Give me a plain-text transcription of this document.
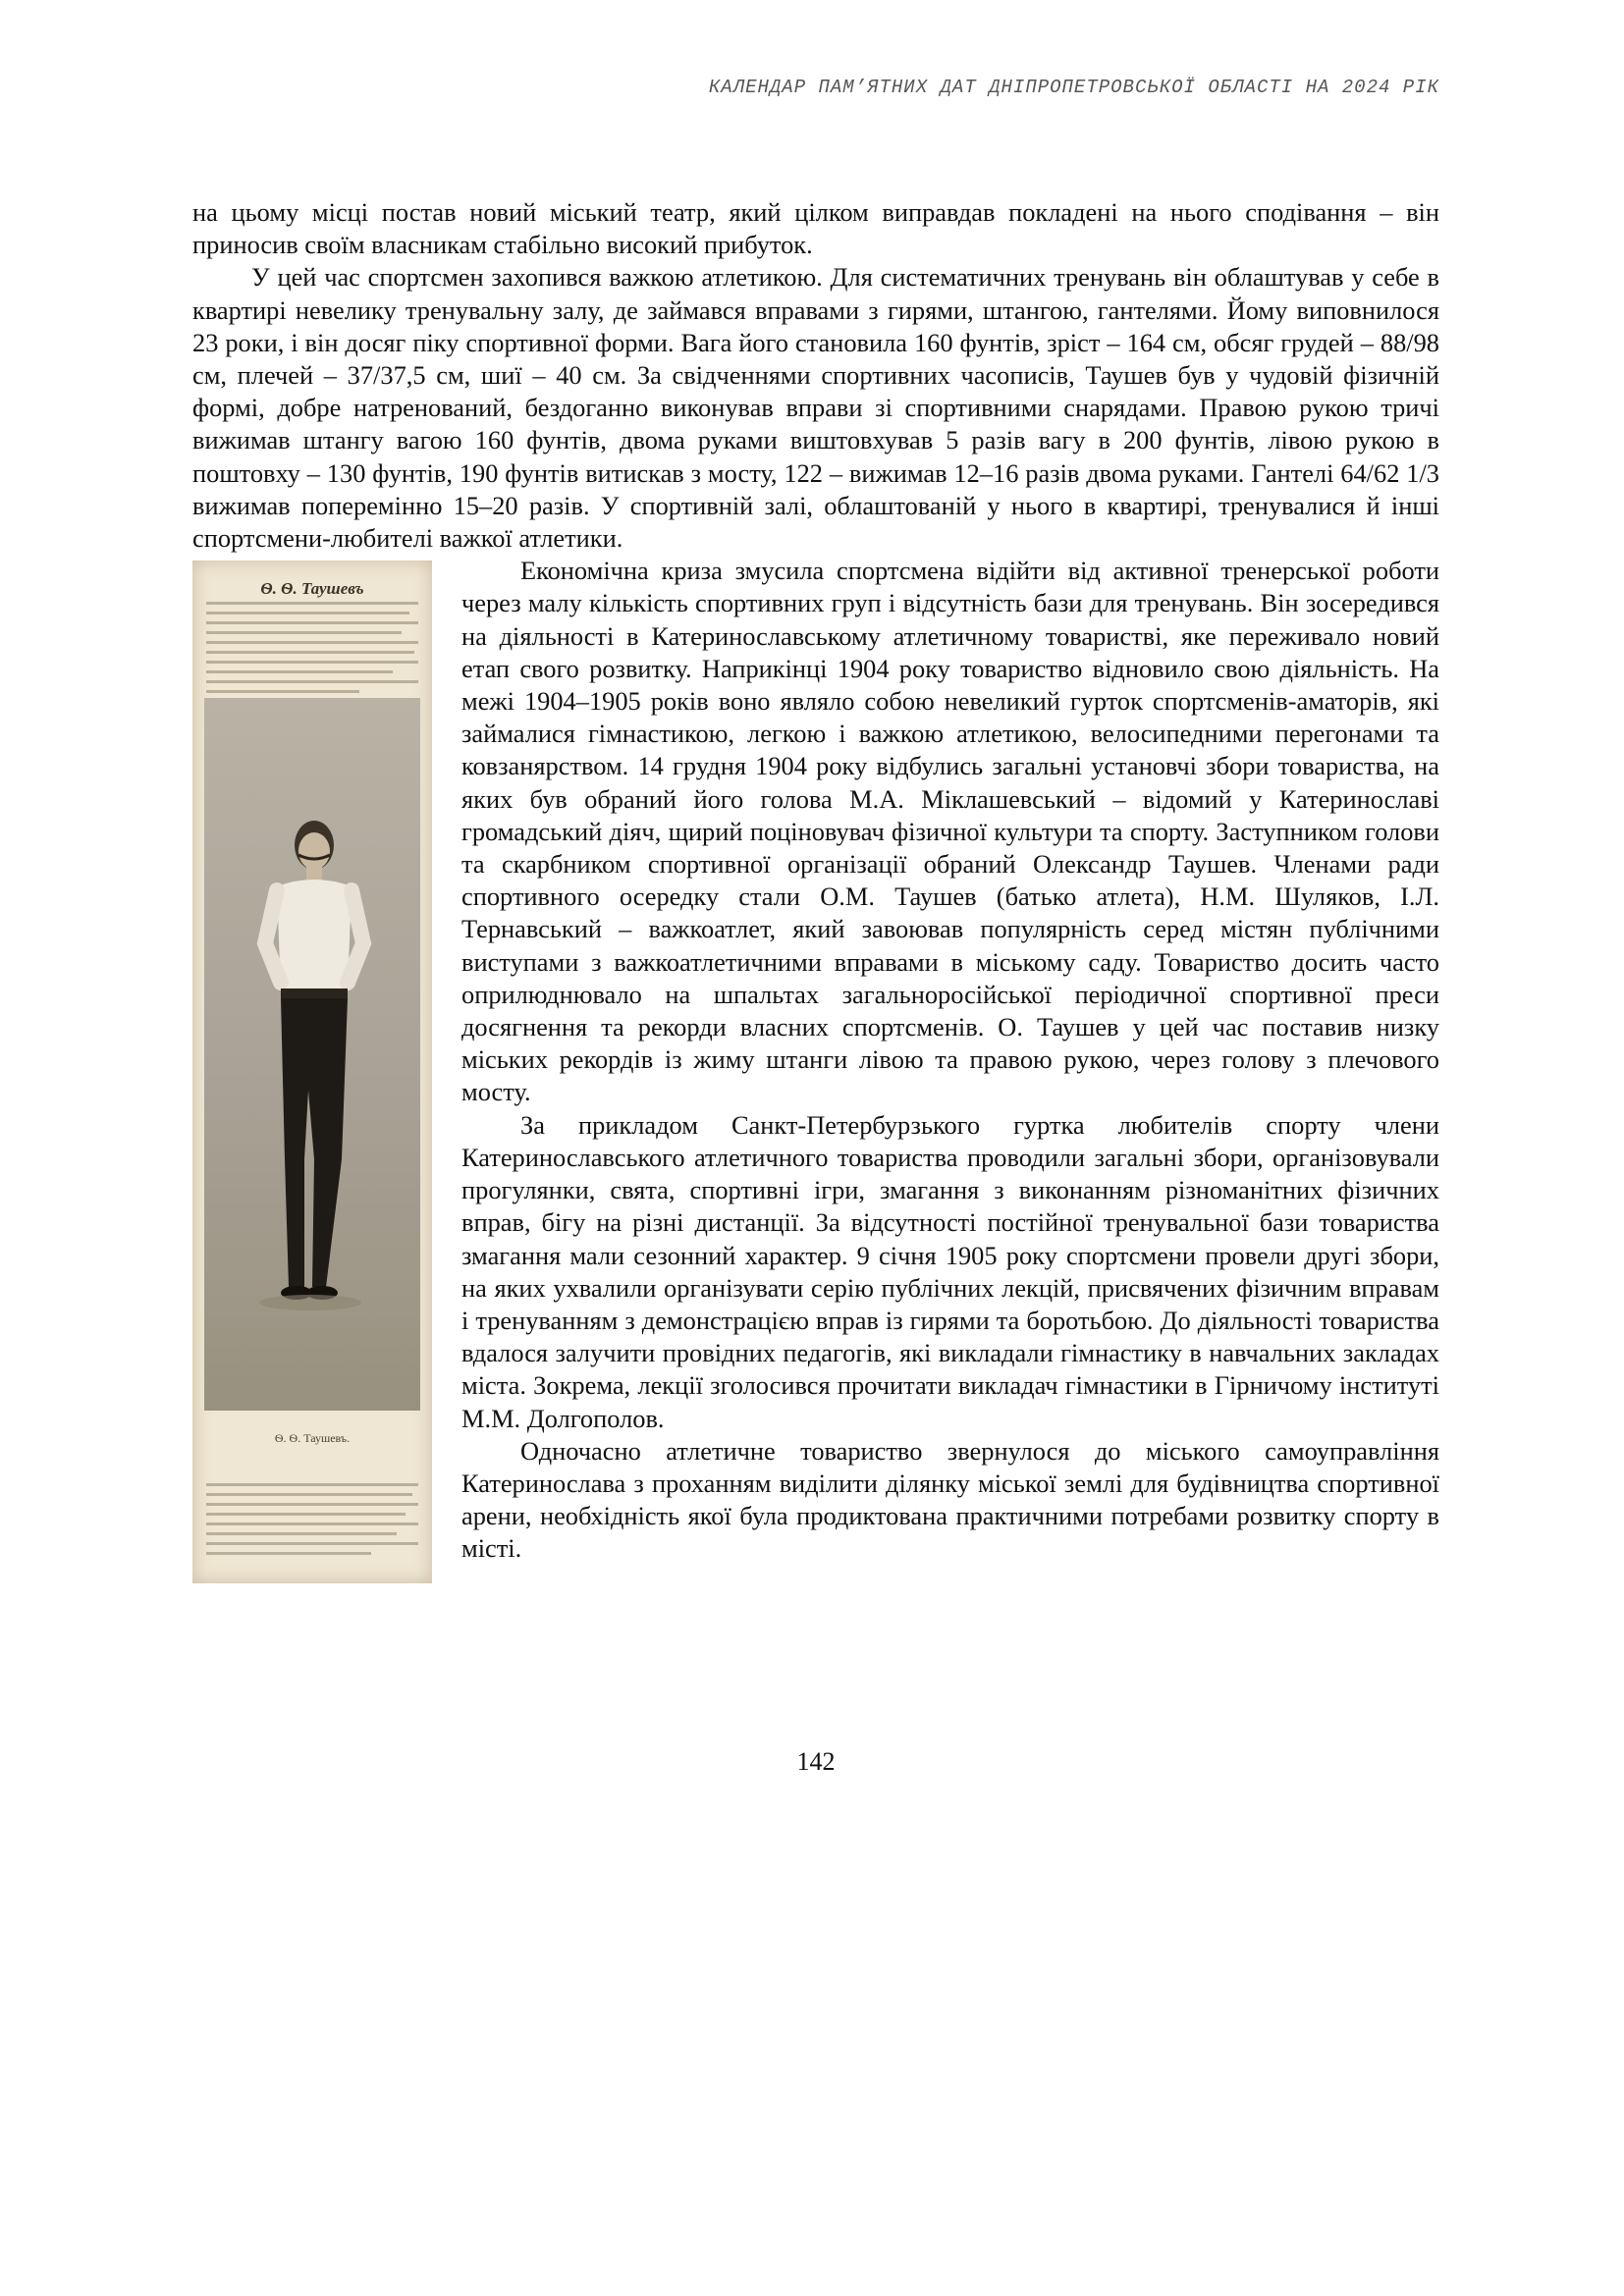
КАЛЕНДАР ПАМ’ЯТНИХ ДАТ ДНІПРОПЕТРОВСЬКОЇ ОБЛАСТІ НА 2024 РІК

на цьому місці постав новий міський театр, який цілком виправдав покладені на нього сподівання – він приносив своїм власникам стабільно високий прибуток.

У цей час спортсмен захопився важкою атлетикою. Для систематичних тренувань він облаштував у себе в квартирі невелику тренувальну залу, де займався вправами з гирями, штангою, гантелями. Йому виповнилося 23 роки, і він досяг піку спортивної форми. Вага його становила 160 фунтів, зріст – 164 см, обсяг грудей – 88/98 см, плечей – 37/37,5 см, шиї – 40 см. За свідченнями спортивних часописів, Таушев був у чудовій фізичній формі, добре натренований, бездоганно виконував вправи зі спортивними снарядами. Правою рукою тричі вижимав штангу вагою 160 фунтів, двома руками виштовхував 5 разів вагу в 200 фунтів, лівою рукою в поштовху – 130 фунтів, 190 фунтів витискав з мосту, 122 – вижимав 12–16 разів двома руками. Гантелі 64/62 1/3 вижимав поперемінно 15–20 разів. У спортивній залі, облаштованій у нього в квартирі, тренувалися й інші спортсмени-любителі важкої атлетики.

Ѳ. Ѳ. Таушевъ
Ѳ. Ѳ. Таушевъ.

Економічна криза змусила спортсмена відійти від активної тренерської роботи через малу кількість спортивних груп і відсутність бази для тренувань. Він зосередився на діяльності в Катеринославському атлетичному товаристві, яке переживало новий етап свого розвитку. Наприкінці 1904 року товариство відновило свою діяльність. На межі 1904–1905 років воно являло собою невеликий гурток спортсменів-аматорів, які займалися гімнастикою, легкою і важкою атлетикою, велосипедними перегонами та ковзанярством. 14 грудня 1904 року відбулись загальні установчі збори товариства, на яких був обраний його голова М.А. Міклашевський – відомий у Катеринославі громадський діяч, щирий поціновувач фізичної культури та спорту. Заступником голови та скарбником спортивної організації обраний Олександр Таушев. Членами ради спортивного осередку стали О.М. Таушев (батько атлета), Н.М. Шуляков, І.Л. Тернавський – важкоатлет, який завоював популярність серед містян публічними виступами з важкоатлетичними вправами в міському саду. Товариство досить часто оприлюднювало на шпальтах загальноросійської періодичної спортивної преси досягнення та рекорди власних спортсменів. О. Таушев у цей час поставив низку міських рекордів із жиму штанги лівою та правою рукою, через голову з плечового мосту.

За прикладом Санкт-Петербурзького гуртка любителів спорту члени Катеринославського атлетичного товариства проводили загальні збори, організовували прогулянки, свята, спортивні ігри, змагання з виконанням різноманітних фізичних вправ, бігу на різні дистанції. За відсутності постійної тренувальної бази товариства змагання мали сезонний характер. 9 січня 1905 року спортсмени провели другі збори, на яких ухвалили організувати серію публічних лекцій, присвячених фізичним вправам і тренуванням з демонстрацією вправ із гирями та боротьбою. До діяльності товариства вдалося залучити провідних педагогів, які викладали гімнастику в навчальних закладах міста. Зокрема, лекції зголосився прочитати викладач гімнастики в Гірничому інституті М.М. Долгополов.

Одночасно атлетичне товариство звернулося до міського самоуправління Катеринослава з проханням виділити ділянку міської землі для будівництва спортивної арени, необхідність якої була продиктована практичними потребами розвитку спорту в місті.

142
